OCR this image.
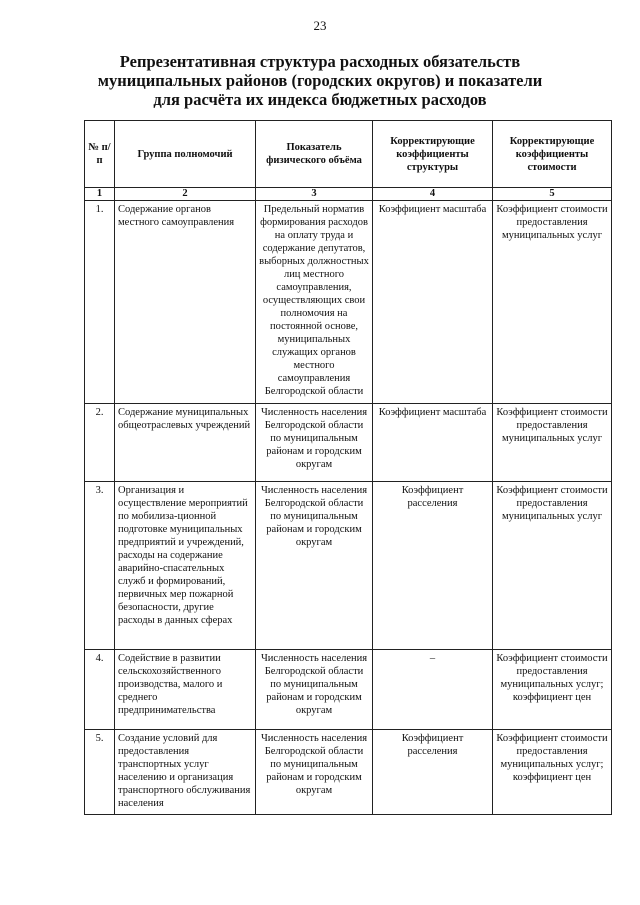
23
Репрезентативная структура расходных обязательств
муниципальных районов (городских округов) и показатели
для расчёта их индекса бюджетных расходов
№ п/п	Группа полномочий	Показатель физического объёма	Корректирующие коэффициенты структуры	Корректирующие коэффициенты стоимости
1	2	3	4	5
1.	Содержание органов местного самоуправления	Предельный норматив формирования расходов на оплату труда и содержание депутатов, выборных должностных лиц местного самоуправления, осуществляющих свои полномочия на постоянной основе, муниципальных служащих органов местного самоуправления Белгородской области	Коэффициент масштаба	Коэффициент стоимости предоставления муниципальных услуг
2.	Содержание муниципальных общеотраслевых учреждений	Численность населения Белгородской области по муниципальным районам и городским округам	Коэффициент масштаба	Коэффициент стоимости предоставления муниципальных услуг
3.	Организация и осуществление мероприятий по мобилиза-ционной подготовке муниципальных предприятий и учреждений, расходы на содержание аварийно-спасательных служб и формирований, первичных мер пожарной безопасности, другие расходы в данных сферах	Численность населения Белгородской области по муниципальным районам и городским округам	Коэффициент расселения	Коэффициент стоимости предоставления муниципальных услуг
4.	Содействие в развитии сельскохозяйственного производства, малого и среднего предпринимательства	Численность населения Белгородской области по муниципальным районам и городским округам	–	Коэффициент стоимости предоставления муниципальных услуг; коэффициент цен
5.	Создание условий для предоставления транспортных услуг населению и организация транспортного обслуживания населения	Численность населения Белгородской области по муниципальным районам и городским округам	Коэффициент расселения	Коэффициент стоимости предоставления муниципальных услуг; коэффициент цен
